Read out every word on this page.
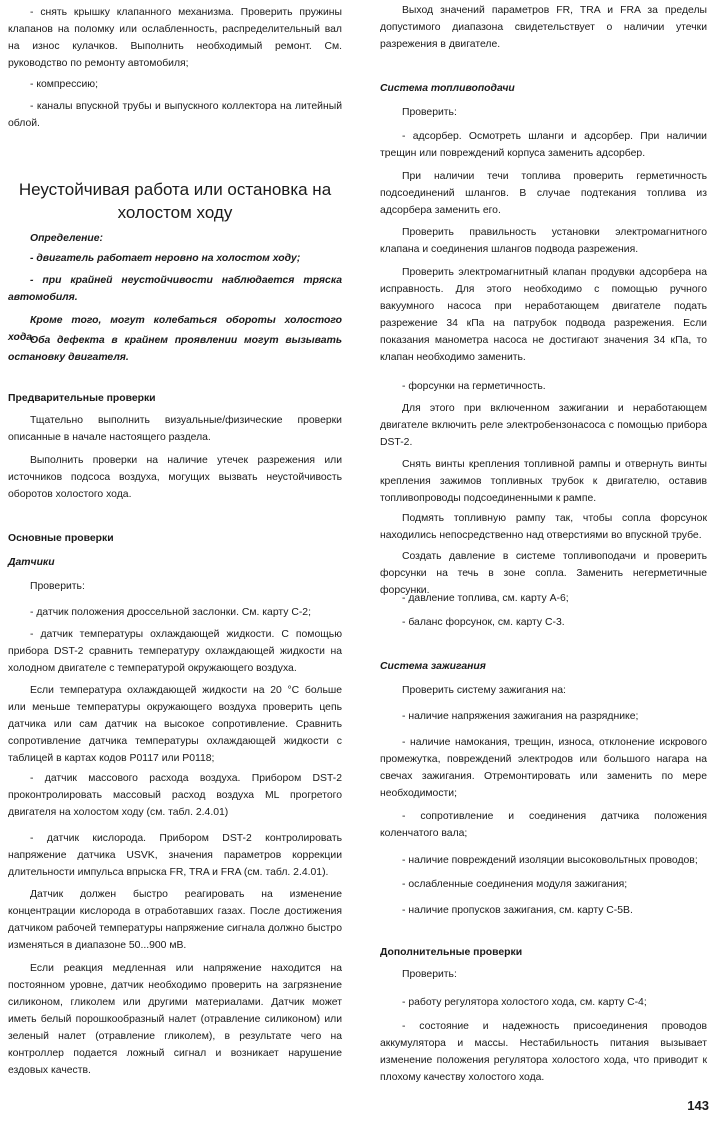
- снять крышку клапанного механизма. Проверить пружины клапанов на поломку или ослабленность, распределительный вал на износ кулачков. Выполнить необходимый ремонт. См. руководство по ремонту автомобиля;
- компрессию;
- каналы впускной трубы и выпускного коллектора на литейный облой.
Неустойчивая работа или остановка на холостом ходу
Определение:
- двигатель работает неровно на холостом ходу;
- при крайней неустойчивости наблюдается тряска автомобиля.
Кроме того, могут колебаться обороты холостого хода.
Оба дефекта в крайнем проявлении могут вызывать остановку двигателя.
Предварительные проверки
Тщательно выполнить визуальные/физические проверки описанные в начале настоящего раздела.
Выполнить проверки на наличие утечек разрежения или источников подсоса воздуха, могущих вызвать неустойчивость оборотов холостого хода.
Основные проверки
Датчики
Проверить:
- датчик положения дроссельной заслонки. См. карту С-2;
- датчик температуры охлаждающей жидкости. С помощью прибора DST-2 сравнить температуру охлаждающей жидкости на холодном двигателе с температурой окружающего воздуха.
Если температура охлаждающей жидкости на 20 °C больше или меньше температуры окружающего воздуха проверить цепь датчика или сам датчик на высокое сопротивление. Сравнить сопротивление датчика температуры охлаждающей жидкости с таблицей в картах кодов P0117 или P0118;
- датчик массового расхода воздуха. Прибором DST-2 проконтролировать массовый расход воздуха ML прогретого двигателя на холостом ходу (см. табл. 2.4.01)
- датчик кислорода. Прибором DST-2 контролировать напряжение датчика USVK, значения параметров коррекции длительности импульса впрыска FR, TRA и FRA (см. табл. 2.4.01).
Датчик должен быстро реагировать на изменение концентрации кислорода в отработавших газах. После достижения датчиком рабочей температуры напряжение сигнала должно быстро изменяться в диапазоне 50...900 мВ.
Если реакция медленная или напряжение находится на постоянном уровне, датчик необходимо проверить на загрязнение силиконом, гликолем или другими материалами. Датчик может иметь белый порошкообразный налет (отравление силиконом) или зеленый налет (отравление гликолем), в результате чего на контроллер подается ложный сигнал и возникает нарушение ездовых качеств.
Выход значений параметров FR, TRA и FRA за пределы допустимого диапазона свидетельствует о наличии утечки разрежения в двигателе.
Система топливоподачи
Проверить:
- адсорбер. Осмотреть шланги и адсорбер. При наличии трещин или повреждений корпуса заменить адсорбер.
При наличии течи топлива проверить герметичность подсоединений шлангов. В случае подтекания топлива из адсорбера заменить его.
Проверить правильность установки электромагнитного клапана и соединения шлангов подвода разрежения.
Проверить электромагнитный клапан продувки адсорбера на исправность. Для этого необходимо с помощью ручного вакуумного насоса при неработающем двигателе подать разрежение 34 кПа на патрубок подвода разрежения. Если показания манометра насоса не достигают значения 34 кПа, то клапан необходимо заменить.
- форсунки на герметичность.
Для этого при включенном зажигании и неработающем двигателе включить реле электробензонасоса с помощью прибора DST-2.
Снять винты крепления топливной рампы и отвернуть винты крепления зажимов топливных трубок к двигателю, оставив топливопроводы подсоединенными к рампе.
Подмять топливную рампу так, чтобы сопла форсунок находились непосредственно над отверстиями во впускной трубе.
Создать давление в системе топливоподачи и проверить форсунки на течь в зоне сопла. Заменить негерметичные форсунки.
- давление топлива, см. карту А-6;
- баланс форсунок, см. карту С-3.
Система зажигания
Проверить систему зажигания на:
- наличие напряжения зажигания на разряднике;
- наличие намокания, трещин, износа, отклонение искрового промежутка, повреждений электродов или большого нагара на свечах зажигания. Отремонтировать или заменить по мере необходимости;
- сопротивление и соединения датчика положения коленчатого вала;
- наличие повреждений изоляции высоковольтных проводов;
- ослабленные соединения модуля зажигания;
- наличие пропусков зажигания, см. карту С-5В.
Дополнительные проверки
Проверить:
- работу регулятора холостого хода, см. карту С-4;
- состояние и надежность присоединения проводов аккумулятора и массы. Нестабильность питания вызывает изменение положения регулятора холостого хода, что приводит к плохому качеству холостого хода.
143
